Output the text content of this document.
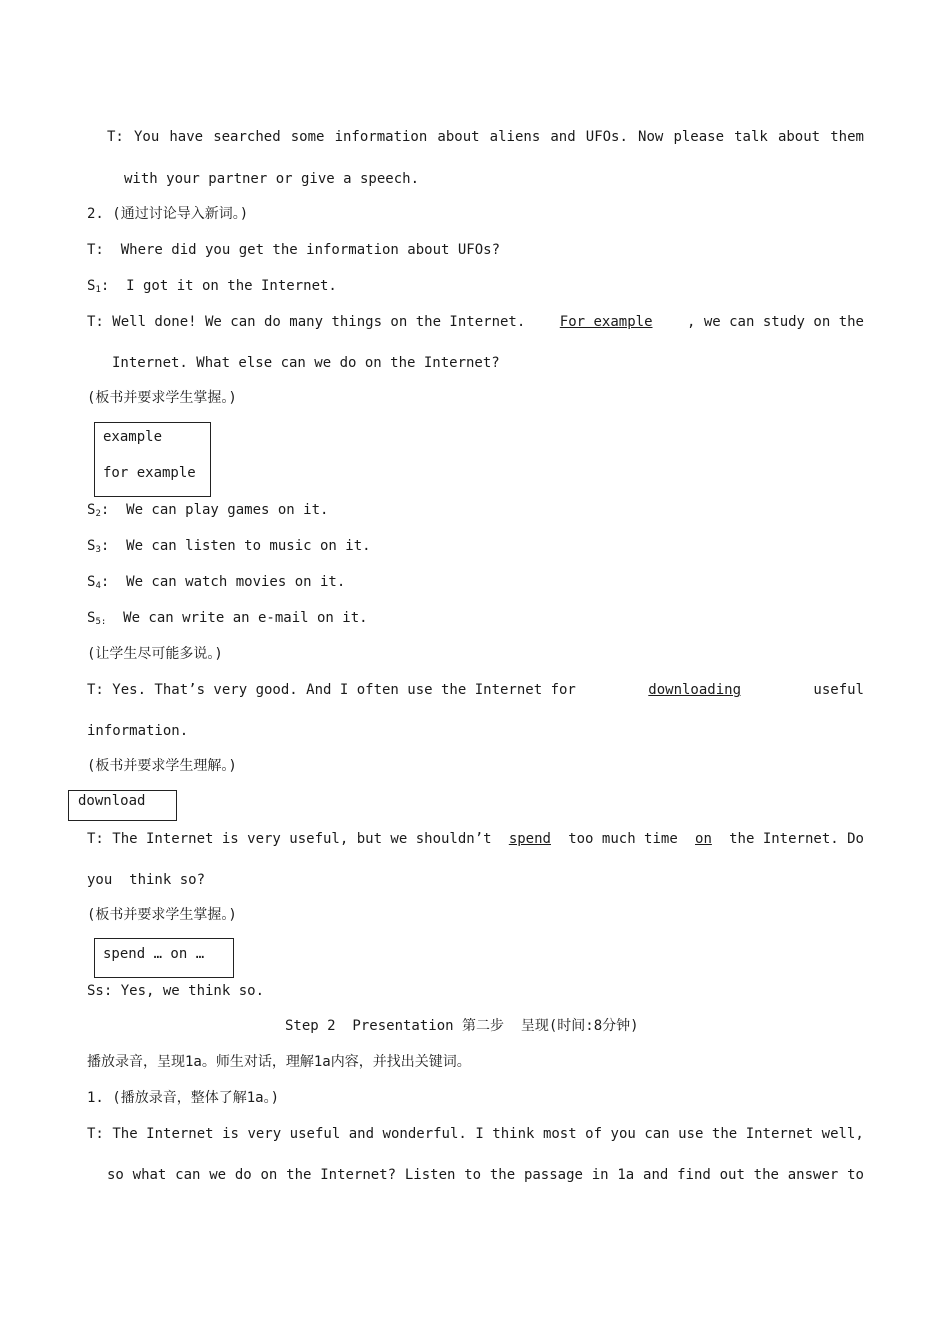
T: You have searched some information about aliens and UFOs. Now please talk about them
with your partner or give a speech.
2. (通过讨论导入新词。)
T:  Where did you get the information about UFOs?
$S_1$:  I got it on the Internet.
T: Well done! We can do many things on the Internet. For example , we can study on the
Internet. What else can we do on the Internet?
(板书并要求学生掌握。)
example
for example
$S_2$:  We can play games on it.
$S_3$:  We can listen to music on it.
$S_4$:  We can watch movies on it.
$S_{5:}$  We can write an e-mail on it.
(让学生尽可能多说。)
T: Yes. That’s very good. And I often use the Internet for	downloading	useful
information.
(板书并要求学生理解。)
download
T: The Internet is very useful, but we shouldn’t spend too much time on the Internet. Do
you  think so?
(板书并要求学生掌握。)
spend … on …
Ss: Yes, we think so.
Step 2  Presentation 第二步  呈现(时间:8分钟)
播放录音，呈现1a。师生对话，理解1a内容，并找出关键词。
1. (播放录音，整体了解1a。)
T: The Internet is very useful and wonderful. I think most of you can use the Internet well,
so what can we do on the Internet? Listen to the passage in 1a and find out the answer to
